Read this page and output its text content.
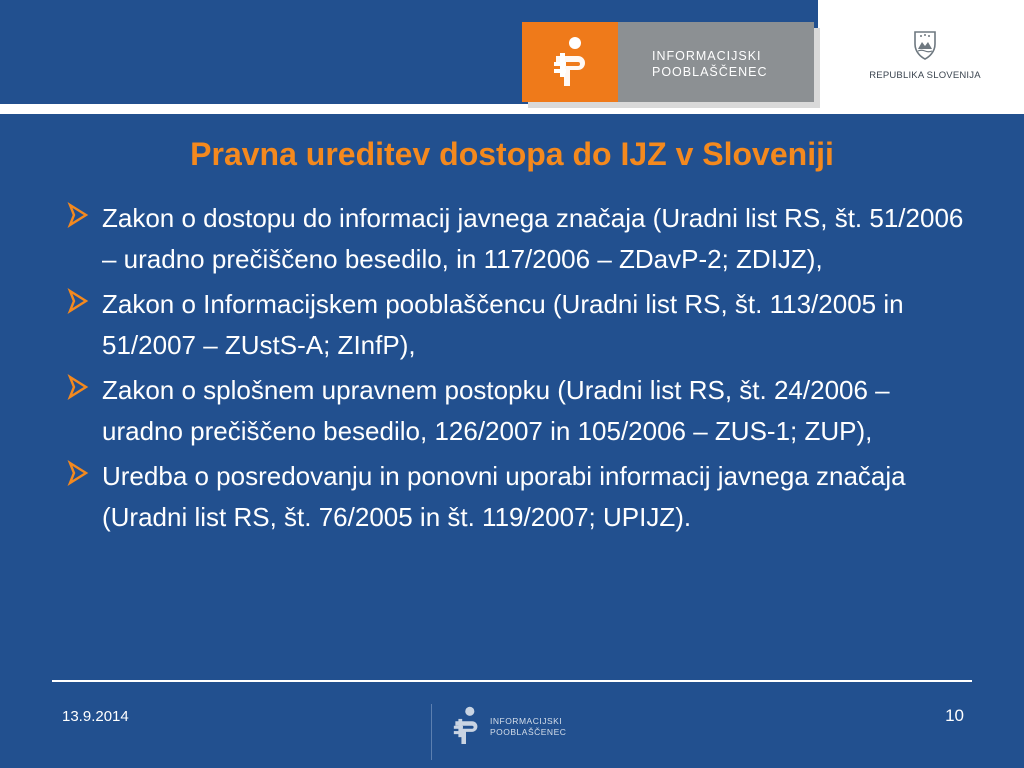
INFORMACIJSKI
POOBLAŠČENEC	REPUBLIKA SLOVENIJA
Pravna ureditev dostopa do IJZ v Sloveniji
Zakon o dostopu do informacij javnega značaja (Uradni list RS, št. 51/2006 – uradno prečiščeno besedilo, in 117/2006 – ZDavP-2; ZDIJZ),
Zakon o Informacijskem pooblaščencu (Uradni list RS, št. 113/2005 in 51/2007 – ZUstS-A; ZInfP),
Zakon o splošnem upravnem postopku (Uradni list RS, št. 24/2006 – uradno prečiščeno besedilo, 126/2007 in 105/2006 – ZUS-1; ZUP),
Uredba o posredovanju in ponovni uporabi informacij javnega značaja (Uradni list RS, št. 76/2005 in št. 119/2007; UPIJZ).
13.9.2014	INFORMACIJSKI
POOBLAŠČENEC
10
